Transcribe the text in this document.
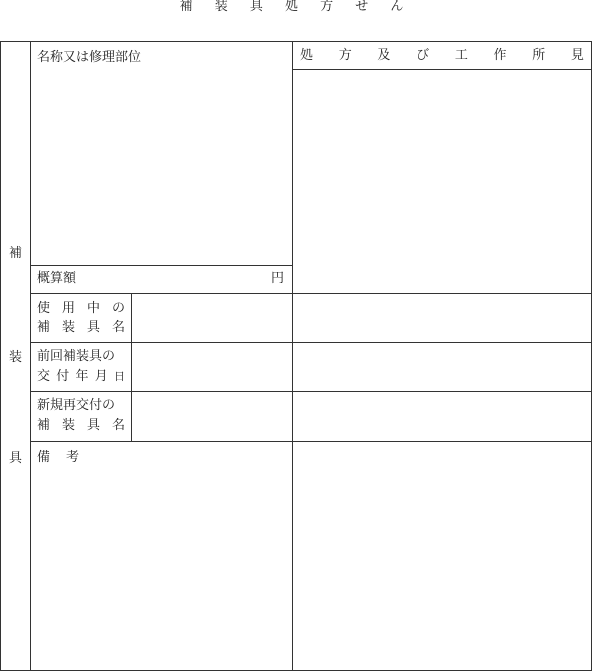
補 装 具 処 方 せ ん
補
装
具
名称又は修理部位
概算額	円
処 方 及 び 工 作 所 見
使 用 中 の
補 装 具 名
前回補装具の
交 付 年 月 日
新規再交付の
補 装 具 名
備 考
